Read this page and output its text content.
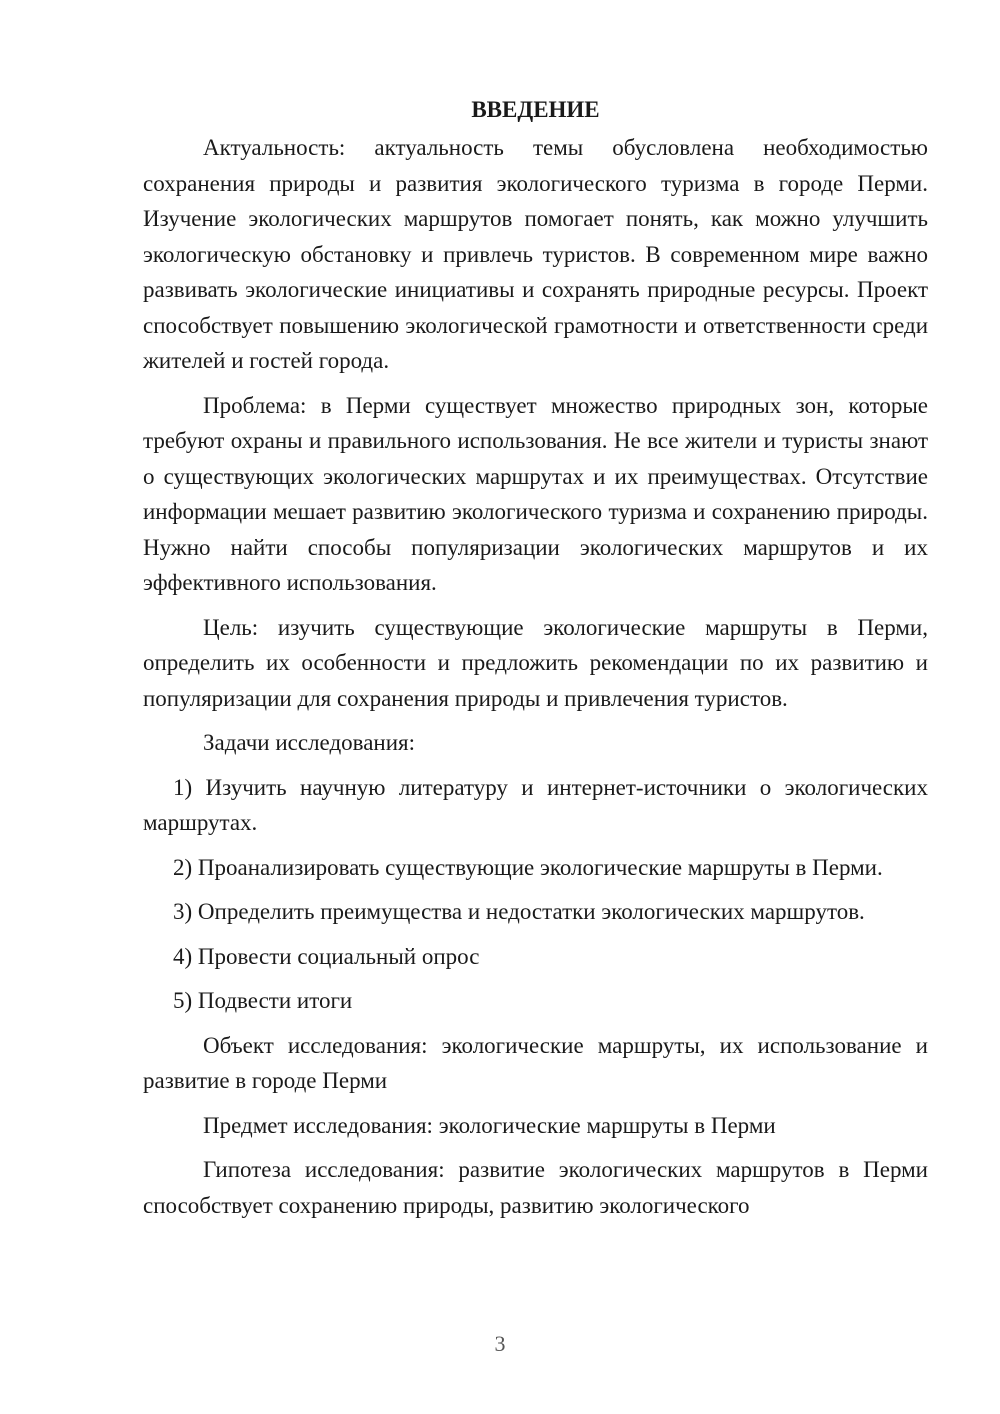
ВВЕДЕНИЕ

Актуальность: актуальность темы обусловлена необходимостью сохранения природы и развития экологического туризма в городе Перми. Изучение экологических маршрутов помогает понять, как можно улучшить экологическую обстановку и привлечь туристов. В современном мире важно развивать экологические инициативы и сохранять природные ресурсы. Проект способствует повышению экологической грамотности и ответственности среди жителей и гостей города.

Проблема: в Перми существует множество природных зон, которые требуют охраны и правильного использования. Не все жители и туристы знают о существующих экологических маршрутах и их преимуществах. Отсутствие информации мешает развитию экологического туризма и сохранению природы. Нужно найти способы популяризации экологических маршрутов и их эффективного использования.

Цель: изучить существующие экологические маршруты в Перми, определить их особенности и предложить рекомендации по их развитию и популяризации для сохранения природы и привлечения туристов.

Задачи исследования:

1) Изучить научную литературу и интернет-источники о экологических маршрутах.

2) Проанализировать существующие экологические маршруты в Перми.

3) Определить преимущества и недостатки экологических маршрутов.

4) Провести социальный опрос

5) Подвести итоги

Объект исследования: экологические маршруты, их использование и развитие в городе Перми

Предмет исследования: экологические маршруты в Перми

Гипотеза исследования: развитие экологических маршрутов в Перми способствует сохранению природы, развитию экологического

3
